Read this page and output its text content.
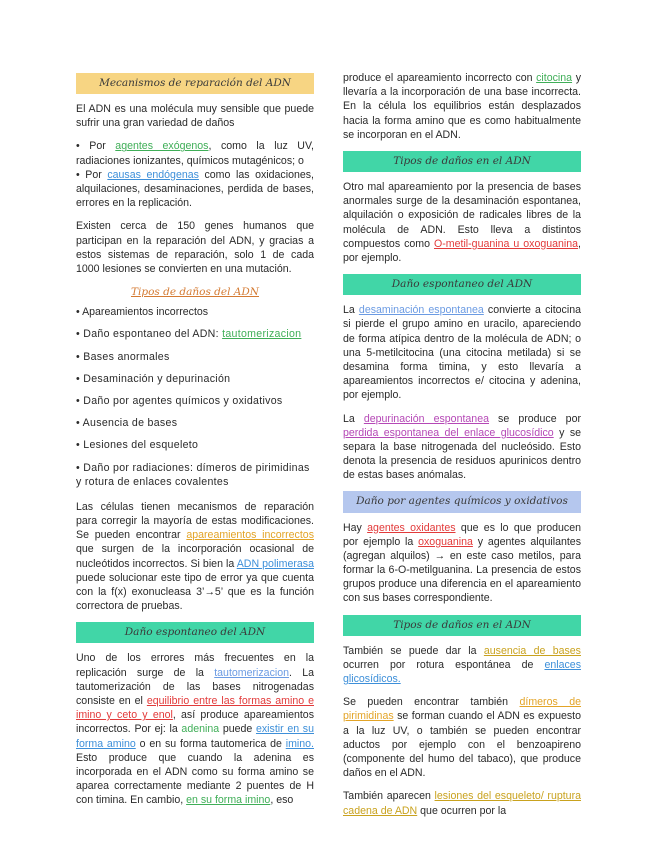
Mecanismos de reparación del ADN

El ADN es una molécula muy sensible que puede sufrir una gran variedad de daños

• Por agentes exógenos, como la luz UV, radiaciones ionizantes, químicos mutagénicos; o

• Por causas endógenas como las oxidaciones, alquilaciones, desaminaciones, perdida de bases, errores en la replicación.

Existen cerca de 150 genes humanos que participan en la reparación del ADN, y gracias a estos sistemas de reparación, solo 1 de cada 1000 lesiones se convierten en una mutación.

Tipos de daños del ADN
• Apareamientos incorrectos
• Daño espontaneo del ADN: tautomerizacion
• Bases anormales
• Desaminación y depurinación
• Daño por agentes químicos y oxidativos
• Ausencia de bases
• Lesiones del esqueleto
• Daño por radiaciones: dímeros de pirimidinas y rotura de enlaces covalentes

Las células tienen mecanismos de reparación para corregir la mayoría de estas modificaciones. Se pueden encontrar apareamientos incorrectos que surgen de la incorporación ocasional de nucleótidos incorrectos. Si bien la ADN polimerasa puede solucionar este tipo de error ya que cuenta con la f(x) exonucleasa 3’→5’ que es la función correctora de pruebas.

Daño espontaneo del ADN

Uno de los errores más frecuentes en la replicación surge de la tautomerizacion. La tautomerización de las bases nitrogenadas consiste en el equilibrio entre las formas amino e imino y ceto y enol, así produce apareamientos incorrectos. Por ej: la adenina puede existir en su forma amino o en su forma tautomerica de imino. Esto produce que cuando la adenina es incorporada en el ADN como su forma amino se aparea correctamente mediante 2 puentes de H con timina. En cambio, en su forma imino, eso

produce el apareamiento incorrecto con citocina y llevaría a la incorporación de una base incorrecta. En la célula los equilibrios están desplazados hacia la forma amino que es como habitualmente se incorporan en el ADN.

Tipos de daños en el ADN

Otro mal apareamiento por la presencia de bases anormales surge de la desaminación espontanea, alquilación o exposición de radicales libres de la molécula de ADN. Esto lleva a distintos compuestos como O-metil-guanina u oxoguanina, por ejemplo.

Daño espontaneo del ADN

La desaminación espontanea convierte a citocina si pierde el grupo amino en uracilo, apareciendo de forma atípica dentro de la molécula de ADN; o una 5-metilcitocina (una citocina metilada) si se desamina forma timina, y esto llevaría a apareamientos incorrectos e/ citocina y adenina, por ejemplo.

La depurinación espontanea se produce por perdida espontanea del enlace glucosídico y se separa la base nitrogenada del nucleósido. Esto denota la presencia de residuos apurinicos dentro de estas bases anómalas.

Daño por agentes químicos y oxidativos

Hay agentes oxidantes que es lo que producen por ejemplo la oxoguanina y agentes alquilantes (agregan alquilos) → en este caso metilos, para formar la 6-O-metilguanina. La presencia de estos grupos produce una diferencia en el apareamiento con sus bases correspondiente.

Tipos de daños en el ADN

También se puede dar la ausencia de bases ocurren por rotura espontánea de enlaces glicosídicos.

Se pueden encontrar también dímeros de pirimidinas se forman cuando el ADN es expuesto a la luz UV, o también se pueden encontrar aductos por ejemplo con el benzoapireno (componente del humo del tabaco), que produce daños en el ADN.

También aparecen lesiones del esqueleto/ ruptura cadena de ADN que ocurren por la
